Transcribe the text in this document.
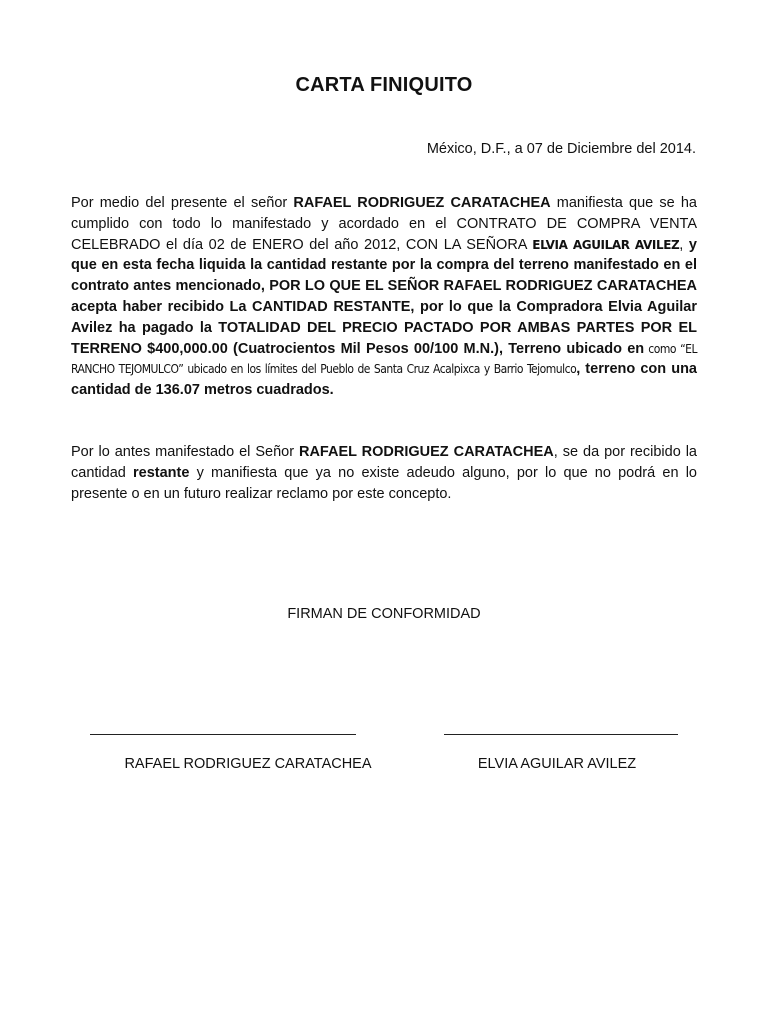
CARTA FINIQUITO
México, D.F., a 07 de Diciembre del 2014.
Por medio del presente el señor RAFAEL RODRIGUEZ CARATACHEA manifiesta que se ha cumplido con todo lo manifestado y acordado en el CONTRATO DE COMPRA VENTA CELEBRADO el día 02 de ENERO del año 2012, CON LA SEÑORA ELVIA AGUILAR AVILEZ, y que en esta fecha liquida la cantidad restante por la compra del terreno manifestado en el contrato antes mencionado, POR LO QUE EL SEÑOR RAFAEL RODRIGUEZ CARATACHEA acepta haber recibido La CANTIDAD RESTANTE, por lo que la Compradora Elvia Aguilar Avilez ha pagado la TOTALIDAD DEL PRECIO PACTADO POR AMBAS PARTES POR EL TERRENO $400,000.00 (Cuatrocientos Mil Pesos 00/100 M.N.), Terreno ubicado en como “EL RANCHO TEJOMULCO” ubicado en los límites del Pueblo de Santa Cruz Acalpixca y Barrio Tejomulco, terreno con una cantidad de 136.07 metros cuadrados.
Por lo antes manifestado el Señor RAFAEL RODRIGUEZ CARATACHEA, se da por recibido la cantidad restante y manifiesta que ya no existe adeudo alguno, por lo que no podrá en lo presente o en un futuro realizar reclamo por este concepto.
FIRMAN DE CONFORMIDAD
RAFAEL RODRIGUEZ CARATACHEA	ELVIA AGUILAR AVILEZ
